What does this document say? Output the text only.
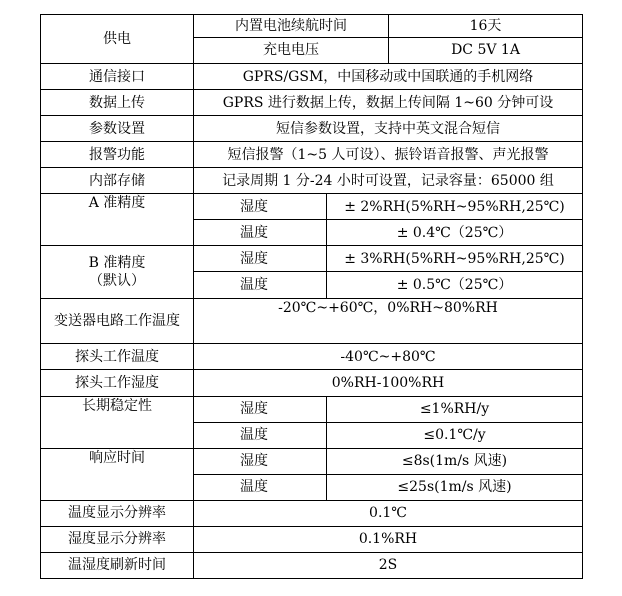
供电	内置电池续航时间		16天
	充电电压		DC 5V 1A
通信接口	GPRS/GSM，中国移动或中国联通的手机网络		
数据上传	GPRS 进行数据上传，数据上传间隔 1~60 分钟可设		
参数设置	短信参数设置，支持中英文混合短信		
报警功能	短信报警（1~5 人可设）、振铃语音报警、声光报警		
内部存储	记录周期 1 分-24 小时可设置，记录容量：65000 组		
A 准精度	湿度	± 2%RH(5%RH~95%RH,25℃)	
	温度	± 0.4℃（25℃）	

B 准精度
（默认）	湿度	± 3%RH(5%RH~95%RH,25℃)	
	温度	± 0.5℃（25℃）	
变送器电路工作温度	-20℃~+60℃，0%RH~80%RH		
探头工作温度	-40℃~+80℃		
探头工作湿度	0%RH-100%RH		
长期稳定性	湿度	≤1%RH/y	
	温度	≤0.1℃/y	
响应时间	湿度	≤8s(1m/s 风速)	
	温度	≤25s(1m/s 风速)	
温度显示分辨率	0.1℃		
湿度显示分辨率	0.1%RH		
温湿度刷新时间	2S		
